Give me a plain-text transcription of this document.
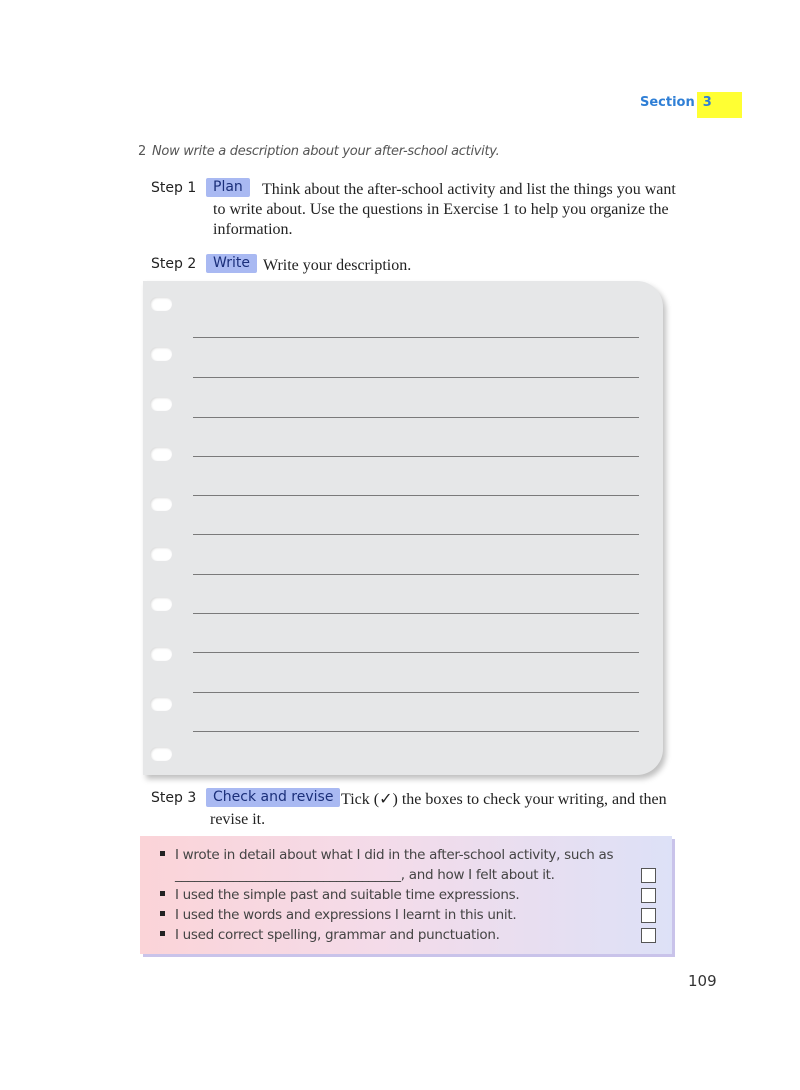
Section 3
2 Now write a description about your after-school activity.
Step 1	Plan	Think about the after-school activity and list the things you want to write about. Use the questions in Exercise 1 to help you organize the information.
Step 2	Write Write your description.
Step 3	Check and revise Tick (✓) the boxes to check your writing, and then revise it.
I wrote in detail about what I did in the after-school activity, such as
___________________________________, and how I felt about it.
I used the simple past and suitable time expressions.
I used the words and expressions I learnt in this unit.
I used correct spelling, grammar and punctuation.
109
